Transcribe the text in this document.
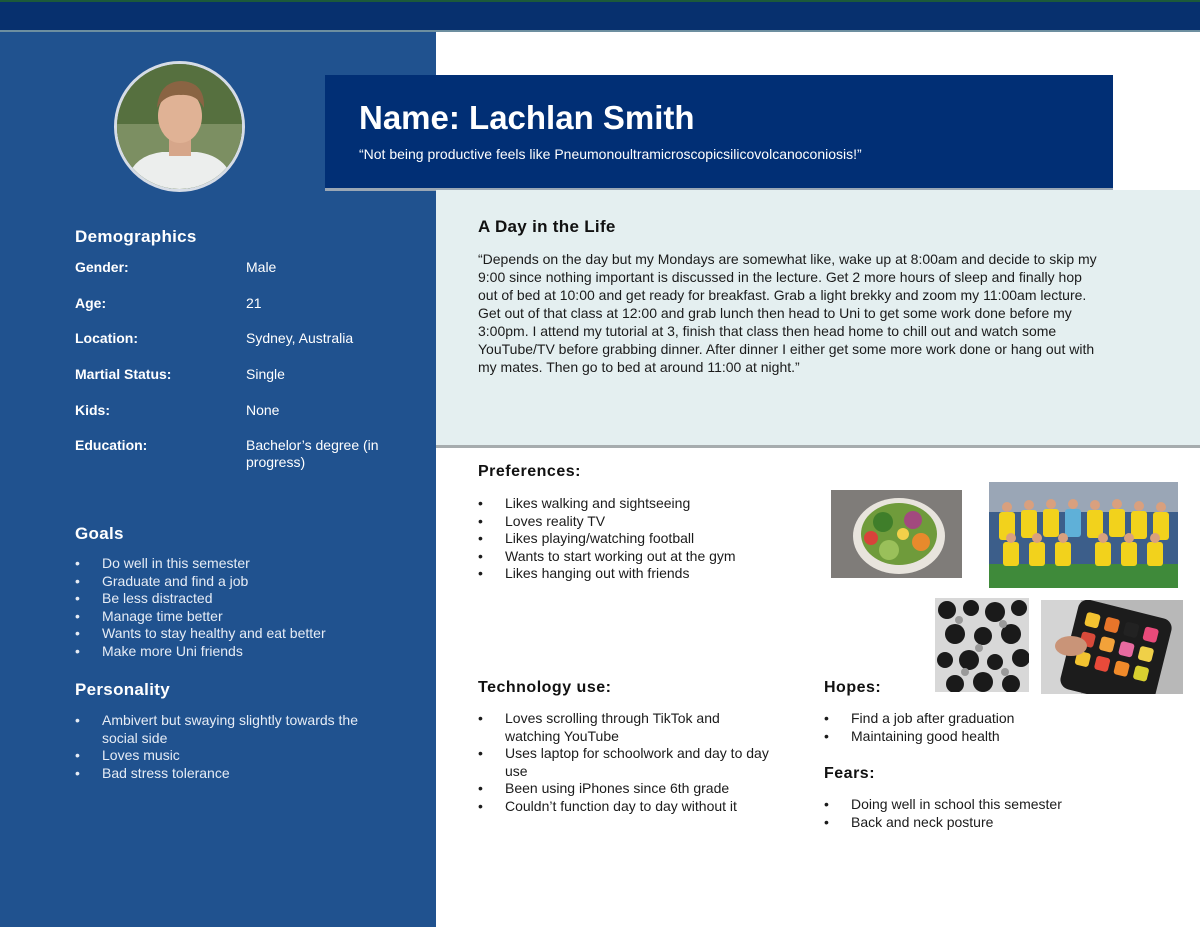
Demographics
Gender:	Male
Age:	21
Location:	Sydney, Australia
Martial Status:	Single
Kids:	None
Education:	Bachelor’s degree (in progress)
Goals
• Do well in this semester
• Graduate and find a job
• Be less distracted
• Manage time better
• Wants to stay healthy and eat better
• Make more Uni friends
Personality
• Ambivert but swaying slightly towards the social side
• Loves music
• Bad stress tolerance
Name: Lachlan Smith

“Not being productive feels like Pneumonoultramicroscopicsilicovolcanoconiosis!”

A Day in the Life

“Depends on the day but my Mondays are somewhat like, wake up at 8:00am and decide to skip my 9:00 since nothing important is discussed in the lecture. Get 2 more hours of sleep and finally hop out of bed at 10:00 and get ready for breakfast. Grab a light brekky and zoom my 11:00am lecture. Get out of that class at 12:00 and grab lunch then head to Uni to get some work done before my 3:00pm. I attend my tutorial at 3, finish that class then head home to chill out and watch some YouTube/TV before grabbing dinner. After dinner I either get some more work done or hang out with my mates. Then go to bed at around 11:00 at night.”

Preferences:
• Likes walking and sightseeing
• Loves reality TV
• Likes playing/watching football
• Wants to start working out at the gym
• Likes hanging out with friends
Technology use:
• Loves scrolling through TikTok and watching YouTube
• Uses laptop for schoolwork and day to day use
• Been using iPhones since 6th grade
• Couldn’t function day to day without it
Hopes:
• Find a job after graduation
• Maintaining good health
Fears:
• Doing well in school this semester
• Back and neck posture
